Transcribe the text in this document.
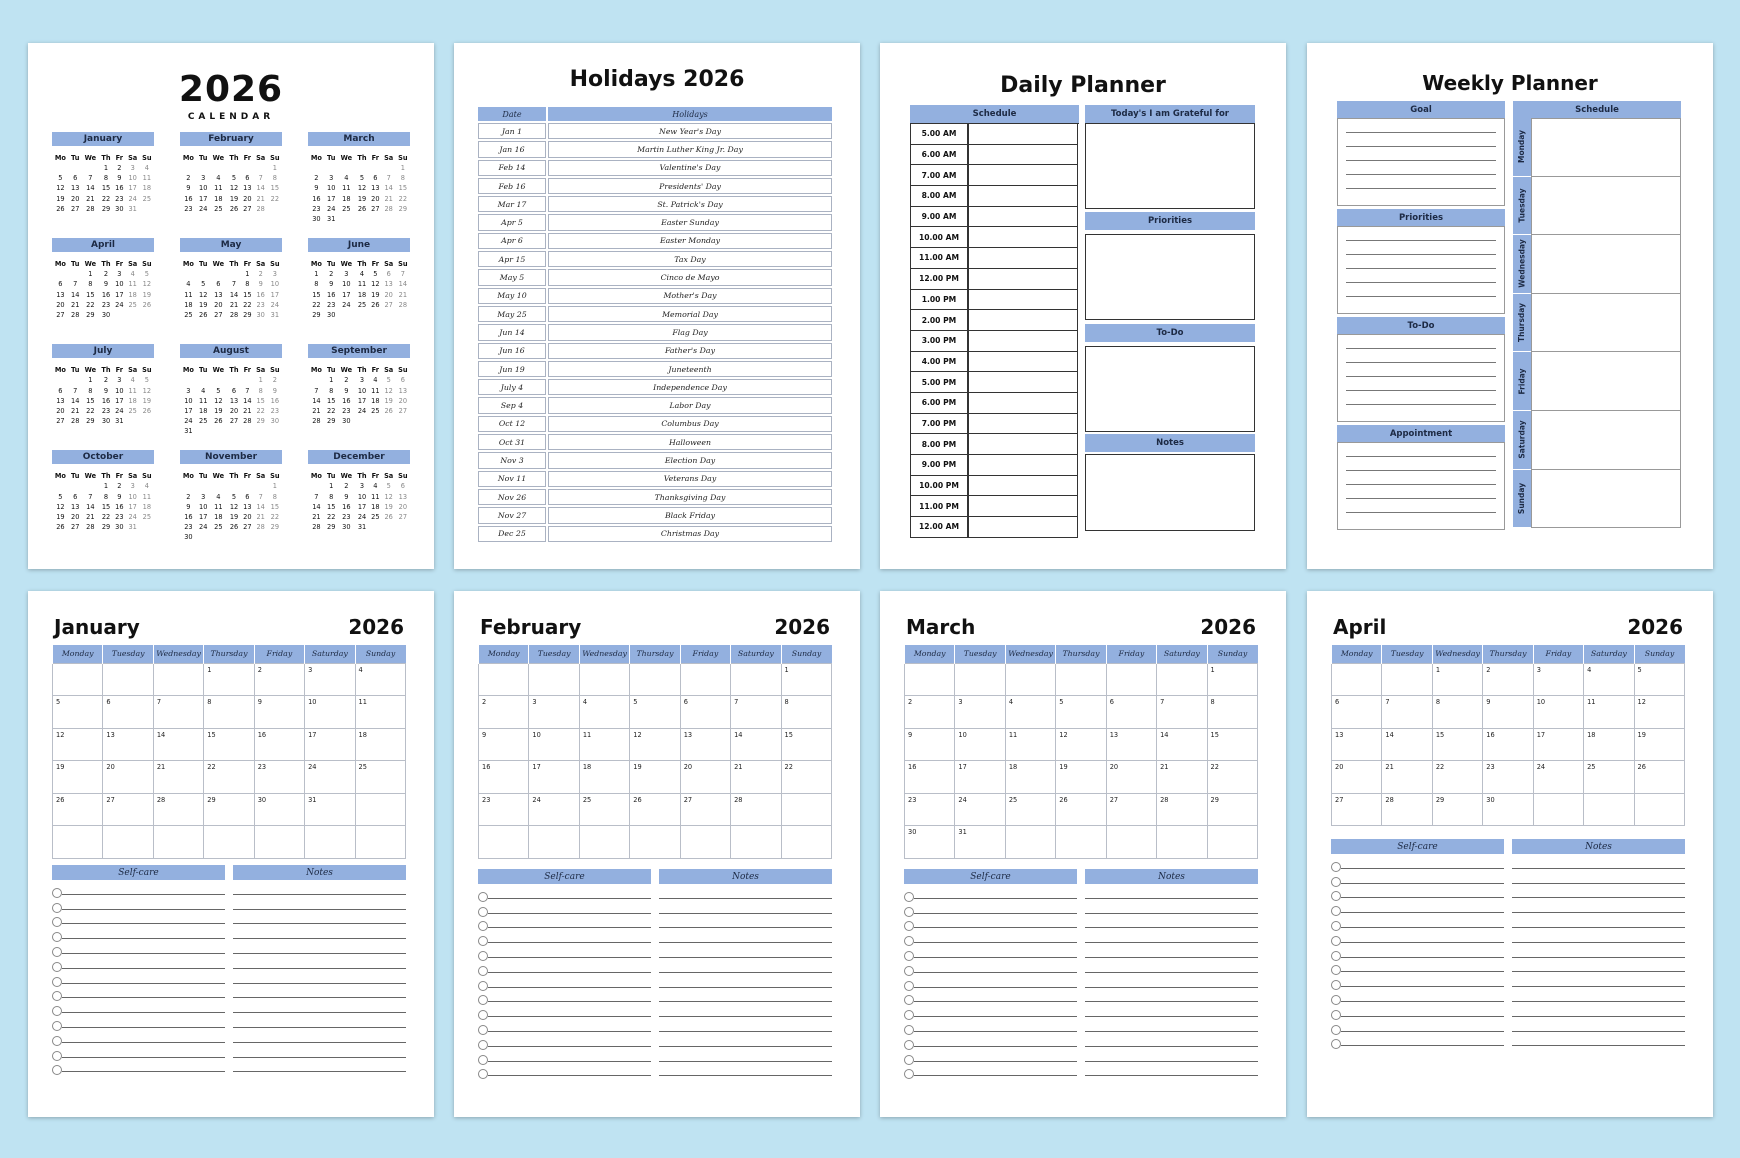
2026
CALENDAR
January
Mo	Tu	We	Th	Fr	Sa	Su
			1	2	3	4
5	6	7	8	9	10	11
12	13	14	15	16	17	18
19	20	21	22	23	24	25
26	27	28	29	30	31	

February
Mo	Tu	We	Th	Fr	Sa	Su
						1
2	3	4	5	6	7	8
9	10	11	12	13	14	15
16	17	18	19	20	21	22
23	24	25	26	27	28	

March
Mo	Tu	We	Th	Fr	Sa	Su
						1
2	3	4	5	6	7	8
9	10	11	12	13	14	15
16	17	18	19	20	21	22
23	24	25	26	27	28	29
30	31					
April
Mo	Tu	We	Th	Fr	Sa	Su
		1	2	3	4	5
6	7	8	9	10	11	12
13	14	15	16	17	18	19
20	21	22	23	24	25	26
27	28	29	30			

May
Mo	Tu	We	Th	Fr	Sa	Su
				1	2	3
4	5	6	7	8	9	10
11	12	13	14	15	16	17
18	19	20	21	22	23	24
25	26	27	28	29	30	31

June
Mo	Tu	We	Th	Fr	Sa	Su
1	2	3	4	5	6	7
8	9	10	11	12	13	14
15	16	17	18	19	20	21
22	23	24	25	26	27	28
29	30					

July
Mo	Tu	We	Th	Fr	Sa	Su
		1	2	3	4	5
6	7	8	9	10	11	12
13	14	15	16	17	18	19
20	21	22	23	24	25	26
27	28	29	30	31		

August
Mo	Tu	We	Th	Fr	Sa	Su
					1	2
3	4	5	6	7	8	9
10	11	12	13	14	15	16
17	18	19	20	21	22	23
24	25	26	27	28	29	30
31						
September
Mo	Tu	We	Th	Fr	Sa	Su
	1	2	3	4	5	6
7	8	9	10	11	12	13
14	15	16	17	18	19	20
21	22	23	24	25	26	27
28	29	30				

October
Mo	Tu	We	Th	Fr	Sa	Su
			1	2	3	4
5	6	7	8	9	10	11
12	13	14	15	16	17	18
19	20	21	22	23	24	25
26	27	28	29	30	31	

November
Mo	Tu	We	Th	Fr	Sa	Su
						1
2	3	4	5	6	7	8
9	10	11	12	13	14	15
16	17	18	19	20	21	22
23	24	25	26	27	28	29
30						
December
Mo	Tu	We	Th	Fr	Sa	Su
	1	2	3	4	5	6
7	8	9	10	11	12	13
14	15	16	17	18	19	20
21	22	23	24	25	26	27
28	29	30	31			

Holidays 2026
Date	Holidays
Jan 1	New Year's Day
Jan 16	Martin Luther King Jr. Day
Feb 14	Valentine's Day
Feb 16	Presidents' Day
Mar 17	St. Patrick's Day
Apr 5	Easter Sunday
Apr 6	Easter Monday
Apr 15	Tax Day
May 5	Cinco de Mayo
May 10	Mother's Day
May 25	Memorial Day
Jun 14	Flag Day
Jun 16	Father's Day
Jun 19	Juneteenth
July 4	Independence Day
Sep 4	Labor Day
Oct 12	Columbus Day
Oct 31	Halloween
Nov 3	Election Day
Nov 11	Veterans Day
Nov 26	Thanksgiving Day
Nov 27	Black Friday
Dec 25	Christmas Day
Daily Planner
Schedule
5.00 AM
6.00 AM
7.00 AM
8.00 AM
9.00 AM
10.00 AM
11.00 AM
12.00 PM
1.00 PM
2.00 PM
3.00 PM
4.00 PM
5.00 PM
6.00 PM
7.00 PM
8.00 PM
9.00 PM
10.00 PM
11.00 PM
12.00 AM
Today's I am Grateful for
Priorities
To-Do
Notes
Weekly Planner
Goal
Priorities
To-Do
Appointment
Schedule
Monday
Tuesday
Wednesday
Thursday
Friday
Saturday
Sunday
January	2026
Monday	Tuesday	Wednesday	Thursday	Friday	Saturday	Sunday
			1	2	3	4
5	6	7	8	9	10	11
12	13	14	15	16	17	18
19	20	21	22	23	24	25
26	27	28	29	30	31	

Self-care	Notes
February	2026
Monday	Tuesday	Wednesday	Thursday	Friday	Saturday	Sunday
						1
2	3	4	5	6	7	8
9	10	11	12	13	14	15
16	17	18	19	20	21	22
23	24	25	26	27	28	

Self-care	Notes
March	2026
Monday	Tuesday	Wednesday	Thursday	Friday	Saturday	Sunday
						1
2	3	4	5	6	7	8
9	10	11	12	13	14	15
16	17	18	19	20	21	22
23	24	25	26	27	28	29
30	31					
Self-care	Notes
April	2026
Monday	Tuesday	Wednesday	Thursday	Friday	Saturday	Sunday
		1	2	3	4	5
6	7	8	9	10	11	12
13	14	15	16	17	18	19
20	21	22	23	24	25	26
27	28	29	30			
Self-care	Notes
